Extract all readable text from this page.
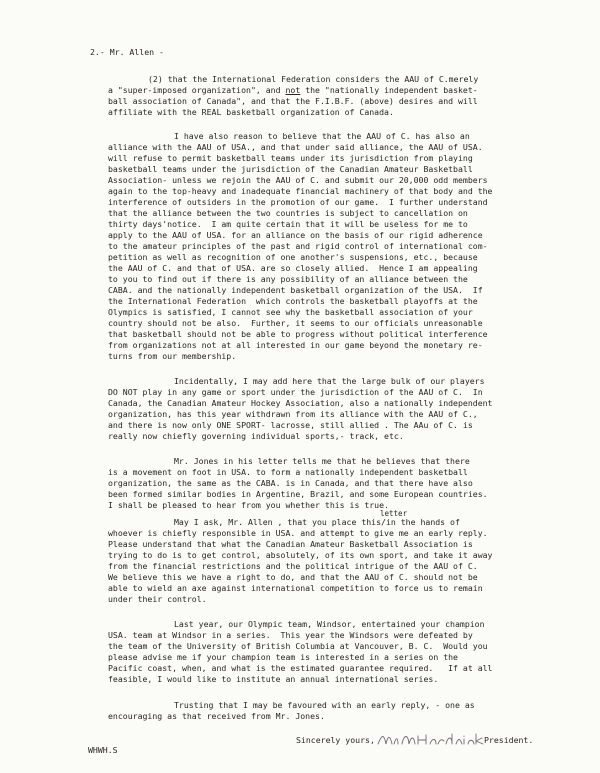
2.- Mr. Allen -
(2) that the International Federation considers the AAU of C.merely
a "super-imposed organization", and not the "nationally independent basket-
ball association of Canada", and that the F.I.B.F. (above) desires and will
affiliate with the REAL basketball organization of Canada.
I have also reason to believe that the AAU of C. has also an
alliance with the AAU of USA., and that under said alliance, the AAU of USA.
will refuse to permit basketball teams under its jurisdiction from playing
basketball teams under the jurisdiction of the Canadian Amateur Basketball
Association- unless we rejoin the AAU of C. and submit our 20,000 odd members
again to the top-heavy and inadequate financial machinery of that body and the
interference of outsiders in the promotion of our game.  I further understand
that the alliance between the two countries is subject to cancellation on
thirty days'notice.  I am quite certain that it will be useless for me to
apply to the AAU of USA. for an alliance on the basis of our rigid adherence
to the amateur principles of the past and rigid control of international com-
petition as well as recognition of one another's suspensions, etc., because
the AAU of C. and that of USA. are so closely allied.  Hence I am appealing
to you to find out if there is any possibility of an alliance between the
CABA. and the nationally independent basketball organization of the USA.  If
the International Federation  which controls the basketball playoffs at the
Olympics is satisfied, I cannot see why the basketball association of your
country should not be also.  Further, it seems to our officials unreasonable
that basketball should not be able to progress without political interference
from organizations not at all interested in our game beyond the monetary re-
turns from our membership.
Incidentally, I may add here that the large bulk of our players
DO NOT play in any game or sport under the jurisdiction of the AAU of C.  In
Canada, the Canadian Amateur Hockey Association, also a nationally independent
organization, has this year withdrawn from its alliance with the AAU of C.,
and there is now only ONE SPORT- lacrosse, still allied . The AAu of C. is
really now chiefly governing individual sports,- track, etc.
Mr. Jones in his letter tells me that he believes that there
is a movement on foot in USA. to form a nationally independent basketball
organization, the same as the CABA. is in Canada, and that there have also
been formed similar bodies in Argentine, Brazil, and some European countries.
I shall be pleased to hear from you whether this is true.
letter
May I ask, Mr. Allen , that you place this/in the hands of
whoever is chiefly responsible in USA. and attempt to give me an early reply.
Please understand that what the Canadian Amateur Basketball Association is
trying to do is to get control, absolutely, of its own sport, and take it away
from the financial restrictions and the political intrigue of the AAU of C.
We believe this we have a right to do, and that the AAU of C. should not be
able to wield an axe against international competition to force us to remain
under their control.
Last year, our Olympic team, Windsor, entertained your champion
USA. team at Windsor in a series.  This year the Windsors were defeated by
the team of the University of British Columbia at Vancouver, B. C.  Would you
please advise me if your champion team is interested in a series on the
Pacific coast, when, and what is the estimated guarantee required.   If at all
feasible, I would like to institute an annual international series.
Trusting that I may be favoured with an early reply, - one as
encouraging as that received from Mr. Jones.
Sincerely yours,	President.
WHWH.S
